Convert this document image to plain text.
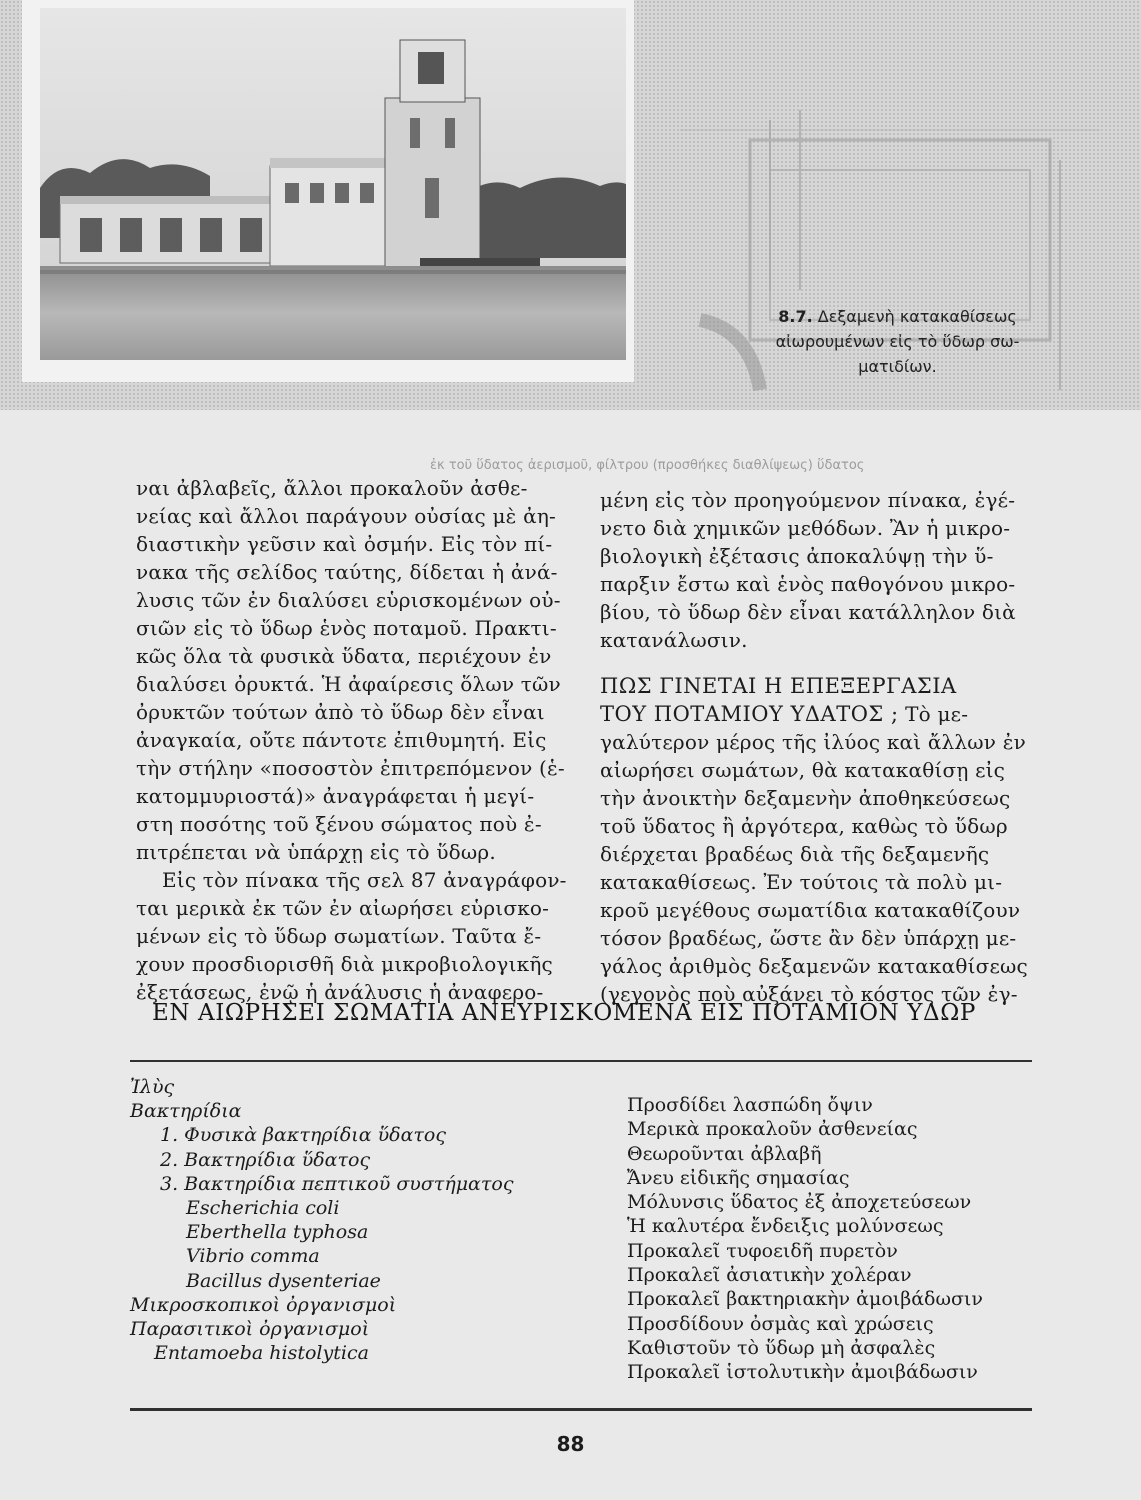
8.7. Δεξαμενὴ κατακαθίσεως
αἰωρουμένων εἰς τὸ ὕδωρ σω-
ματιδίων.
ἐκ τοῦ ὕδατος ἀερισμοῦ, φίλτρου (προσθήκες διαθλίψεως) ὕδατος

ναι ἀβλαβεῖς, ἄλλοι προκαλοῦν ἀσθε-
νείας καὶ ἄλλοι παράγουν οὐσίας μὲ ἀη-
διαστικὴν γεῦσιν καὶ ὀσμήν. Εἰς τὸν πί-
νακα τῆς σελίδος ταύτης, δίδεται ἡ ἀνά-
λυσις τῶν ἐν διαλύσει εὑρισκομένων οὐ-
σιῶν εἰς τὸ ὕδωρ ἑνὸς ποταμοῦ. Πρακτι-
κῶς ὅλα τὰ φυσικὰ ὕδατα, περιέχουν ἐν
διαλύσει ὀρυκτά. Ἡ ἀφαίρεσις ὅλων τῶν
ὀρυκτῶν τούτων ἀπὸ τὸ ὕδωρ δὲν εἶναι
ἀναγκαία, οὔτε πάντοτε ἐπιθυμητή. Εἰς
τὴν στήλην «ποσοστὸν ἐπιτρεπόμενον (ἑ-
κατομμυριοστά)» ἀναγράφεται ἡ μεγί-
στη ποσότης τοῦ ξένου σώματος ποὺ ἐ-
πιτρέπεται νὰ ὑπάρχῃ εἰς τὸ ὕδωρ.

Εἰς τὸν πίνακα τῆς σελ 87 ἀναγράφον-
ται μερικὰ ἐκ τῶν ἐν αἰωρήσει εὑρισκο-
μένων εἰς τὸ ὕδωρ σωματίων. Ταῦτα ἔ-
χουν προσδιορισθῆ διὰ μικροβιολογικῆς
ἐξετάσεως, ἐνῷ ἡ ἀνάλυσις ἡ ἀναφερο-

μένη εἰς τὸν προηγούμενον πίνακα, ἐγέ-
νετο διὰ χημικῶν μεθόδων. Ἂν ἡ μικρο-
βιολογικὴ ἐξέτασις ἀποκαλύψῃ τὴν ὕ-
παρξιν ἔστω καὶ ἑνὸς παθογόνου μικρο-
βίου, τὸ ὕδωρ δὲν εἶναι κατάλληλον διὰ
κατανάλωσιν.

ΠΩΣ ΓΙΝΕΤΑΙ Η ΕΠΕΞΕΡΓΑΣΙΑ
ΤΟΥ ΠΟΤΑΜΙΟΥ ΥΔΑΤΟΣ ; Τὸ με-
γαλύτερον μέρος τῆς ἰλύος καὶ ἄλλων ἐν
αἰωρήσει σωμάτων, θὰ κατακαθίσῃ εἰς
τὴν ἀνοικτὴν δεξαμενὴν ἀποθηκεύσεως
τοῦ ὕδατος ἢ ἀργότερα, καθὼς τὸ ὕδωρ
διέρχεται βραδέως διὰ τῆς δεξαμενῆς
κατακαθίσεως. Ἐν τούτοις τὰ πολὺ μι-
κροῦ μεγέθους σωματίδια κατακαθίζουν
τόσον βραδέως, ὥστε ἂν δὲν ὑπάρχῃ με-
γάλος ἀριθμὸς δεξαμενῶν κατακαθίσεως
(γεγονὸς ποὺ αὐξάνει τὸ κόστος τῶν ἐγ-

ΕΝ ΑΙΩΡΗΣΕΙ ΣΩΜΑΤΙΑ ΑΝΕΥΡΙΣΚΟΜΕΝΑ ΕΙΣ ΠΟΤΑΜΙΟΝ ΥΔΩΡ
Ἰλὺς
Βακτηρίδια
1. Φυσικὰ βακτηρίδια ὕδατος
2. Βακτηρίδια ὕδατος
3. Βακτηρίδια πεπτικοῦ συστήματος
Escherichia coli
Eberthella typhosa
Vibrio comma
Bacillus dysenteriae
Μικροσκοπικοὶ ὀργανισμοὶ
Παρασιτικοὶ ὀργανισμοὶ
Entamoeba histolytica
Προσδίδει λασπώδη ὄψιν
Μερικὰ προκαλοῦν ἀσθενείας
Θεωροῦνται ἀβλαβῆ
Ἄνευ εἰδικῆς σημασίας
Μόλυνσις ὕδατος ἐξ ἀποχετεύσεων
Ἡ καλυτέρα ἔνδειξις μολύνσεως
Προκαλεῖ τυφοειδῆ πυρετὸν
Προκαλεῖ ἀσιατικὴν χολέραν
Προκαλεῖ βακτηριακὴν ἀμοιβάδωσιν
Προσδίδουν ὀσμὰς καὶ χρώσεις
Καθιστοῦν τὸ ὕδωρ μὴ ἀσφαλὲς
Προκαλεῖ ἱστολυτικὴν ἀμοιβάδωσιν
88
